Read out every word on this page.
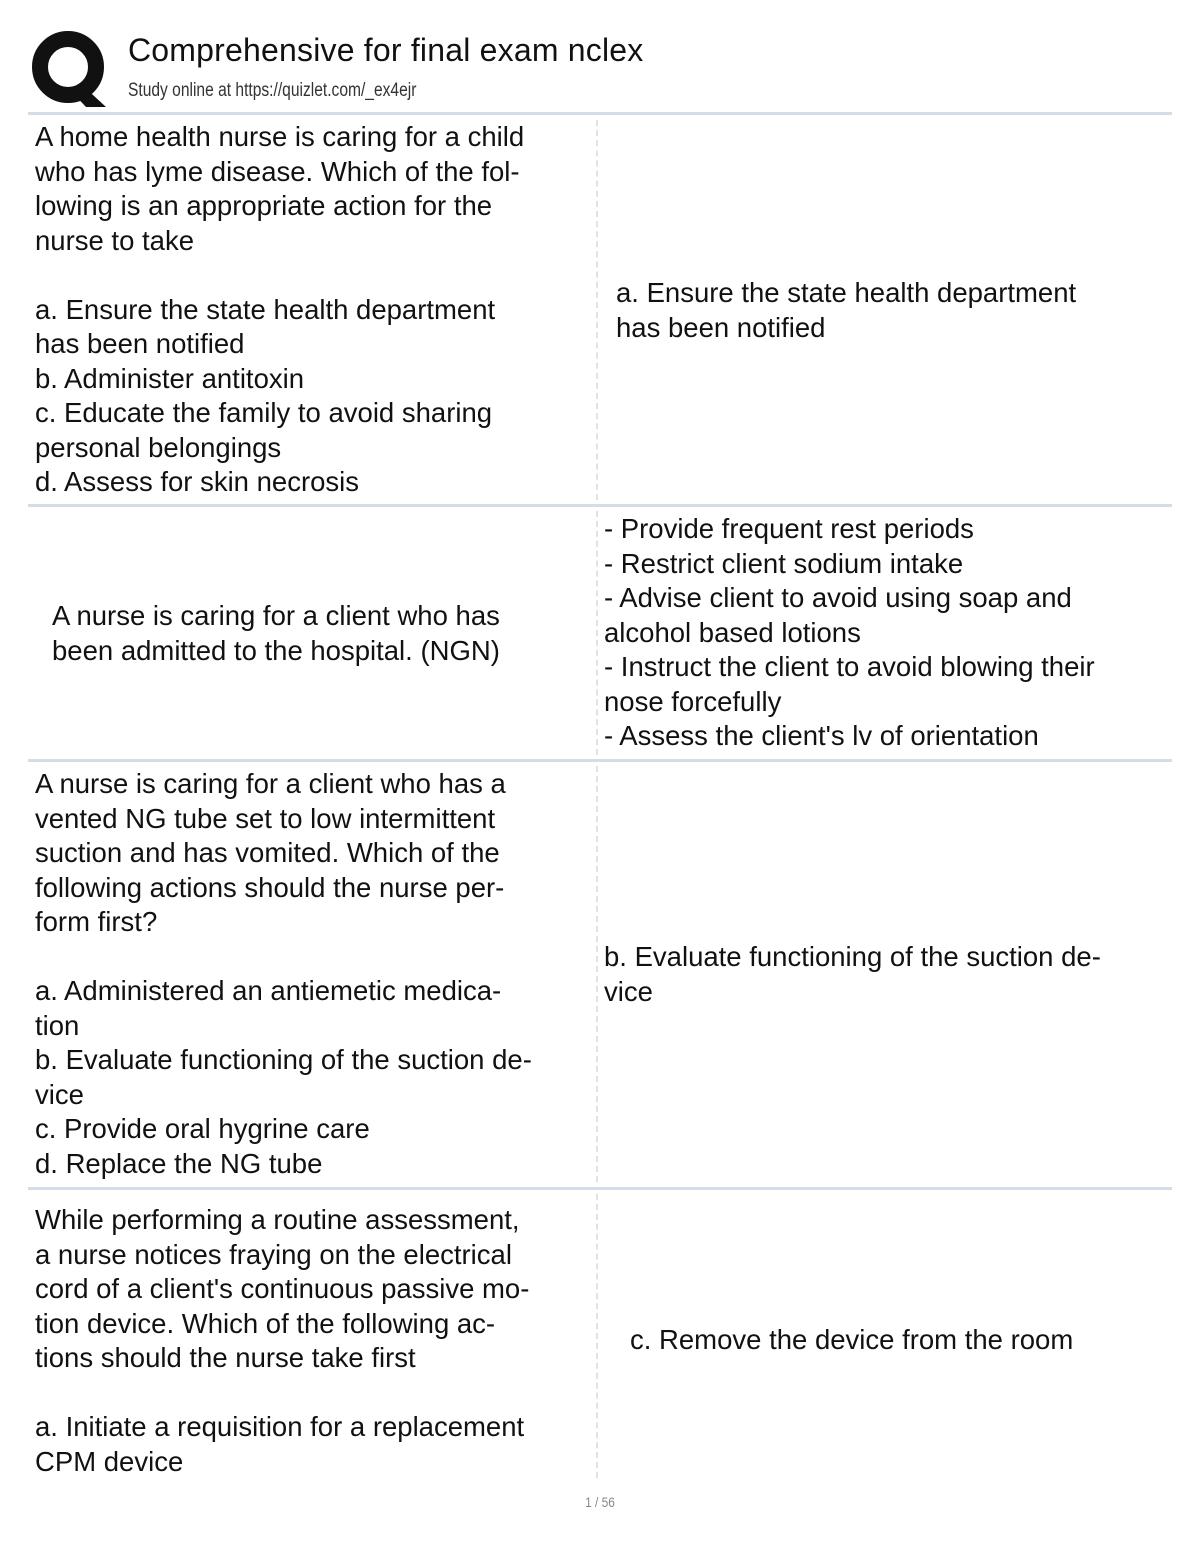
Comprehensive for final exam nclex
Study online at https://quizlet.com/_ex4ejr
A home health nurse is caring for a child
who has lyme disease. Which of the fol-
lowing is an appropriate action for the
nurse to take

a. Ensure the state health department
has been notified
b. Administer antitoxin
c. Educate the family to avoid sharing
personal belongings
d. Assess for skin necrosis
a. Ensure the state health department
has been notified
A nurse is caring for a client who has
been admitted to the hospital. (NGN)
- Provide frequent rest periods
- Restrict client sodium intake
- Advise client to avoid using soap and
alcohol based lotions
- Instruct the client to avoid blowing their
nose forcefully
- Assess the client's lv of orientation
A nurse is caring for a client who has a
vented NG tube set to low intermittent
suction and has vomited. Which of the
following actions should the nurse per-
form first?

a. Administered an antiemetic medica-
tion
b. Evaluate functioning of the suction de-
vice
c. Provide oral hygrine care
d. Replace the NG tube
b. Evaluate functioning of the suction de-
vice
While performing a routine assessment,
a nurse notices fraying on the electrical
cord of a client's continuous passive mo-
tion device. Which of the following ac-
tions should the nurse take first

a. Initiate a requisition for a replacement
CPM device
c. Remove the device from the room
1 / 56
